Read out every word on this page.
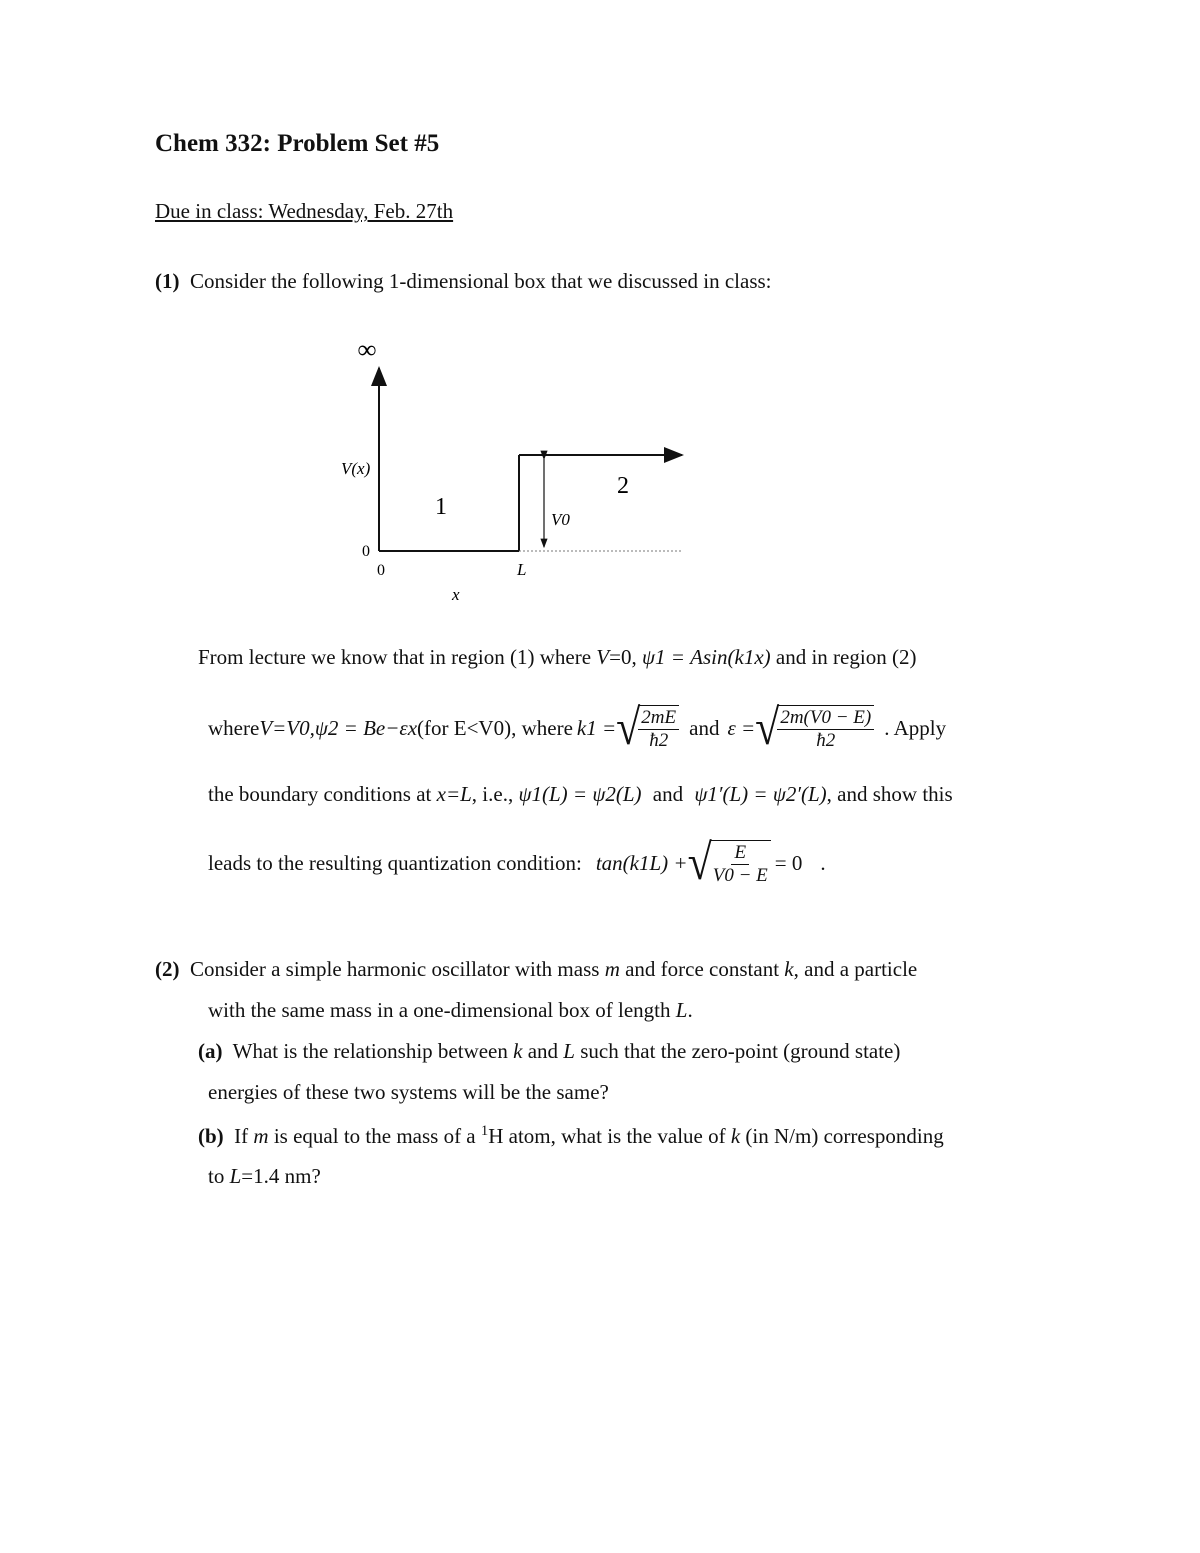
Chem 332: Problem Set #5
Due in class: Wednesday, Feb. 27th
(1) Consider the following 1-dimensional box that we discussed in class:
∞
V(x)
0
0	L
x
1
2
V0
From lecture we know that in region (1) where V=0, ψ1 = Asin(k1x) and in region (2)
where V=V0, ψ2 = Be−εx (for E<V0), where k1 = √
$\frac{2mE}{ħ2}$ and ε = √
$\frac{2m(V0 - E)}{ħ2}$ . Apply
the boundary conditions at x=L, i.e., ψ1(L) = ψ2(L) and ψ1′(L) = ψ2′(L), and show this
leads to the resulting quantization condition: tan(k1L) + √
$\frac{E}{V0 - E} = 0$ .
(2) Consider a simple harmonic oscillator with mass m and force constant k, and a particle
with the same mass in a one-dimensional box of length L.
(a) What is the relationship between k and L such that the zero-point (ground state)
energies of these two systems will be the same?
(b) If m is equal to the mass of a $^1$H atom, what is the value of k (in N/m) corresponding
to L=1.4 nm?
